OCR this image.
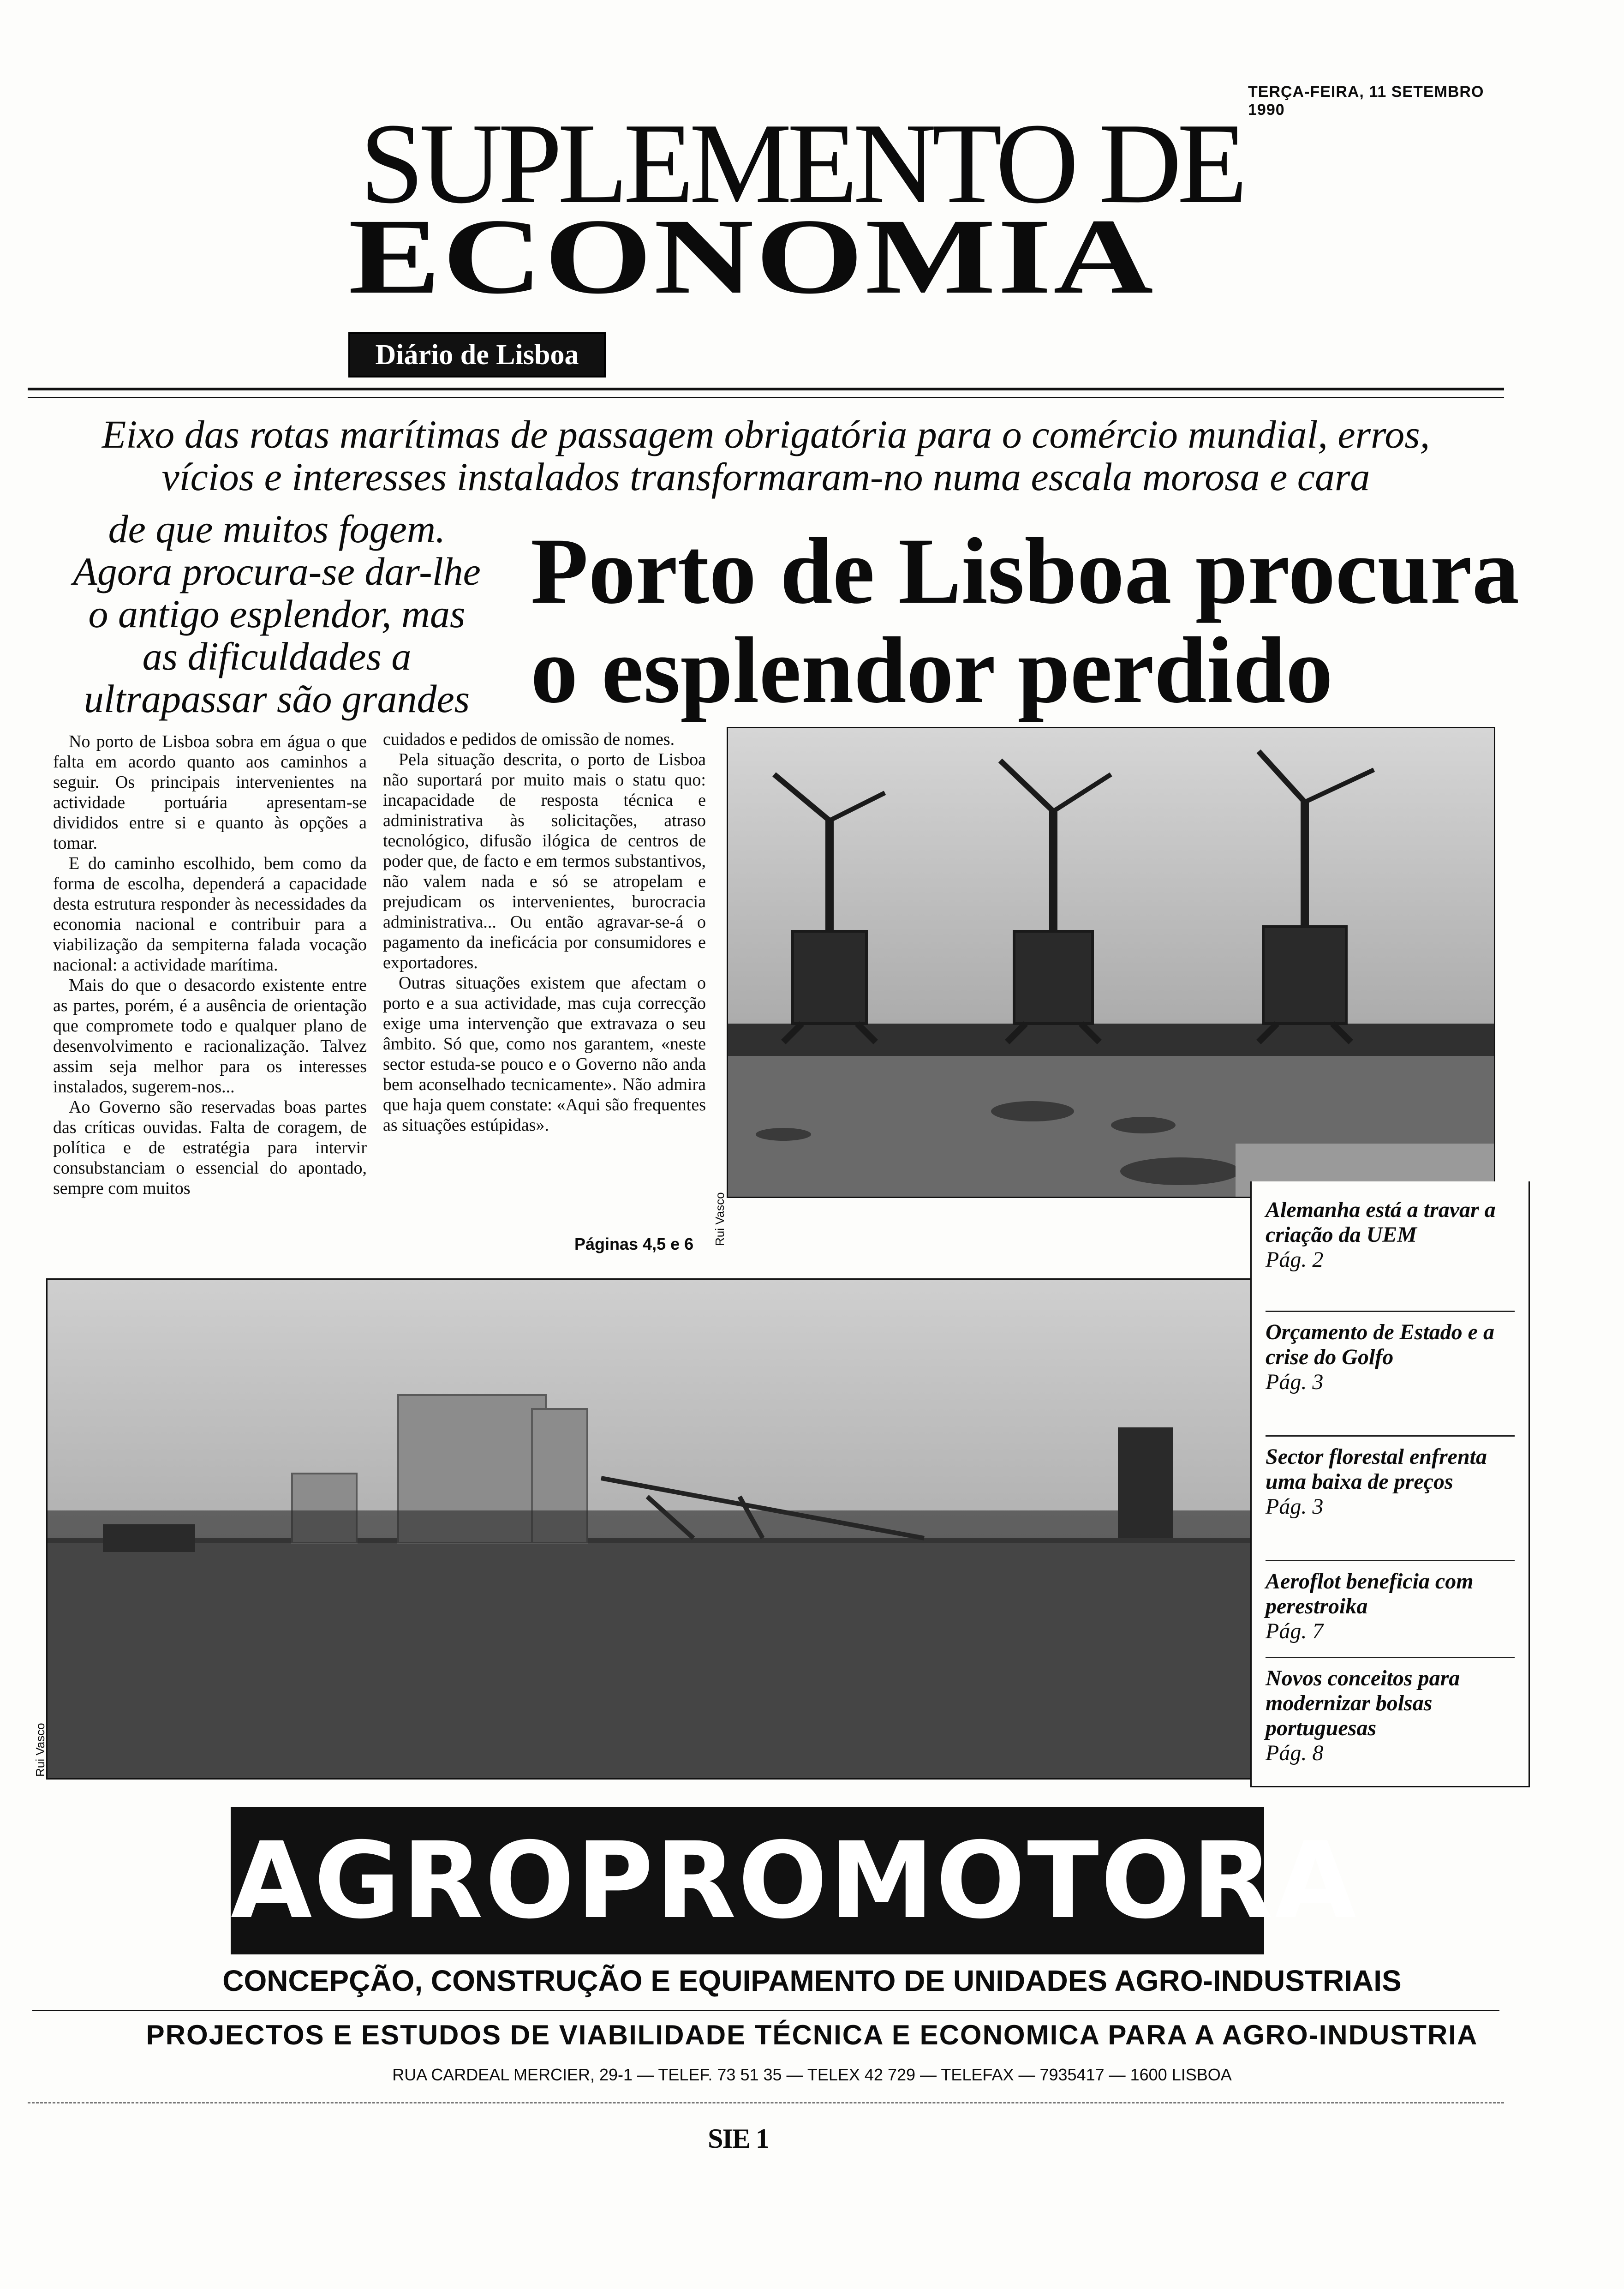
TERÇA-FEIRA, 11 SETEMBRO 1990
SUPLEMENTO DE
ECONOMIA
Diário de Lisboa
Eixo das rotas marítimas de passagem obrigatória para o comércio mundial, erros,
vícios e interesses instalados transformaram-no numa escala morosa e cara
de que muitos fogem.
Agora procura-se dar-lhe
o antigo esplendor, mas
as dificuldades a
ultrapassar são grandes
Porto de Lisboa procura
o esplendor perdido

No porto de Lisboa sobra em água o que falta em acordo quanto aos caminhos a seguir. Os principais intervenientes na actividade portuária apresentam-se divididos entre si e quanto às opções a tomar.

E do caminho escolhido, bem como da forma de escolha, dependerá a capacidade desta estrutura responder às necessidades da economia nacional e contribuir para a viabilização da sempiterna falada vocação nacional: a actividade marítima.

Mais do que o desacordo existente entre as partes, porém, é a ausência de orientação que compromete todo e qualquer plano de desenvolvimento e racionalização. Talvez assim seja melhor para os interesses instalados, sugerem-nos...

Ao Governo são reservadas boas partes das críticas ouvidas. Falta de coragem, de política e de estratégia para intervir consubstanciam o essencial do apontado, sempre com muitos

cuidados e pedidos de omissão de nomes.

Pela situação descrita, o porto de Lisboa não suportará por muito mais o statu quo: incapacidade de resposta técnica e administrativa às solicitações, atraso tecnológico, difusão ilógica de centros de poder que, de facto e em termos substantivos, não valem nada e só se atropelam e prejudicam os intervenientes, burocracia administrativa... Ou então agravar-se-á o pagamento da ineficácia por consumidores e exportadores.

Outras situações existem que afectam o porto e a sua actividade, mas cuja correcção exige uma intervenção que extravaza o seu âmbito. Só que, como nos garantem, «neste sector estuda-se pouco e o Governo não anda bem aconselhado tecnicamente». Não admira que haja quem constate: «Aqui são frequentes as situações estúpidas».

Páginas 4,5 e 6 Rui Vasco
Rui Vasco
Alemanha está a travar a criação da UEM
Pág. 2
Orçamento de Estado e a crise do Golfo
Pág. 3
Sector florestal enfrenta uma baixa de preços
Pág. 3
Aeroflot beneficia com perestroika
Pág. 7
Novos conceitos para modernizar bolsas portuguesas
Pág. 8
AGROPROMOTORA
CONCEPÇÃO, CONSTRUÇÃO E EQUIPAMENTO DE UNIDADES AGRO-INDUSTRIAIS
PROJECTOS E ESTUDOS DE VIABILIDADE TÉCNICA E ECONOMICA PARA A AGRO-INDUSTRIA
RUA CARDEAL MERCIER, 29-1 — TELEF. 73 51 35 — TELEX 42 729 — TELEFAX — 7935417 — 1600 LISBOA
SIE 1
